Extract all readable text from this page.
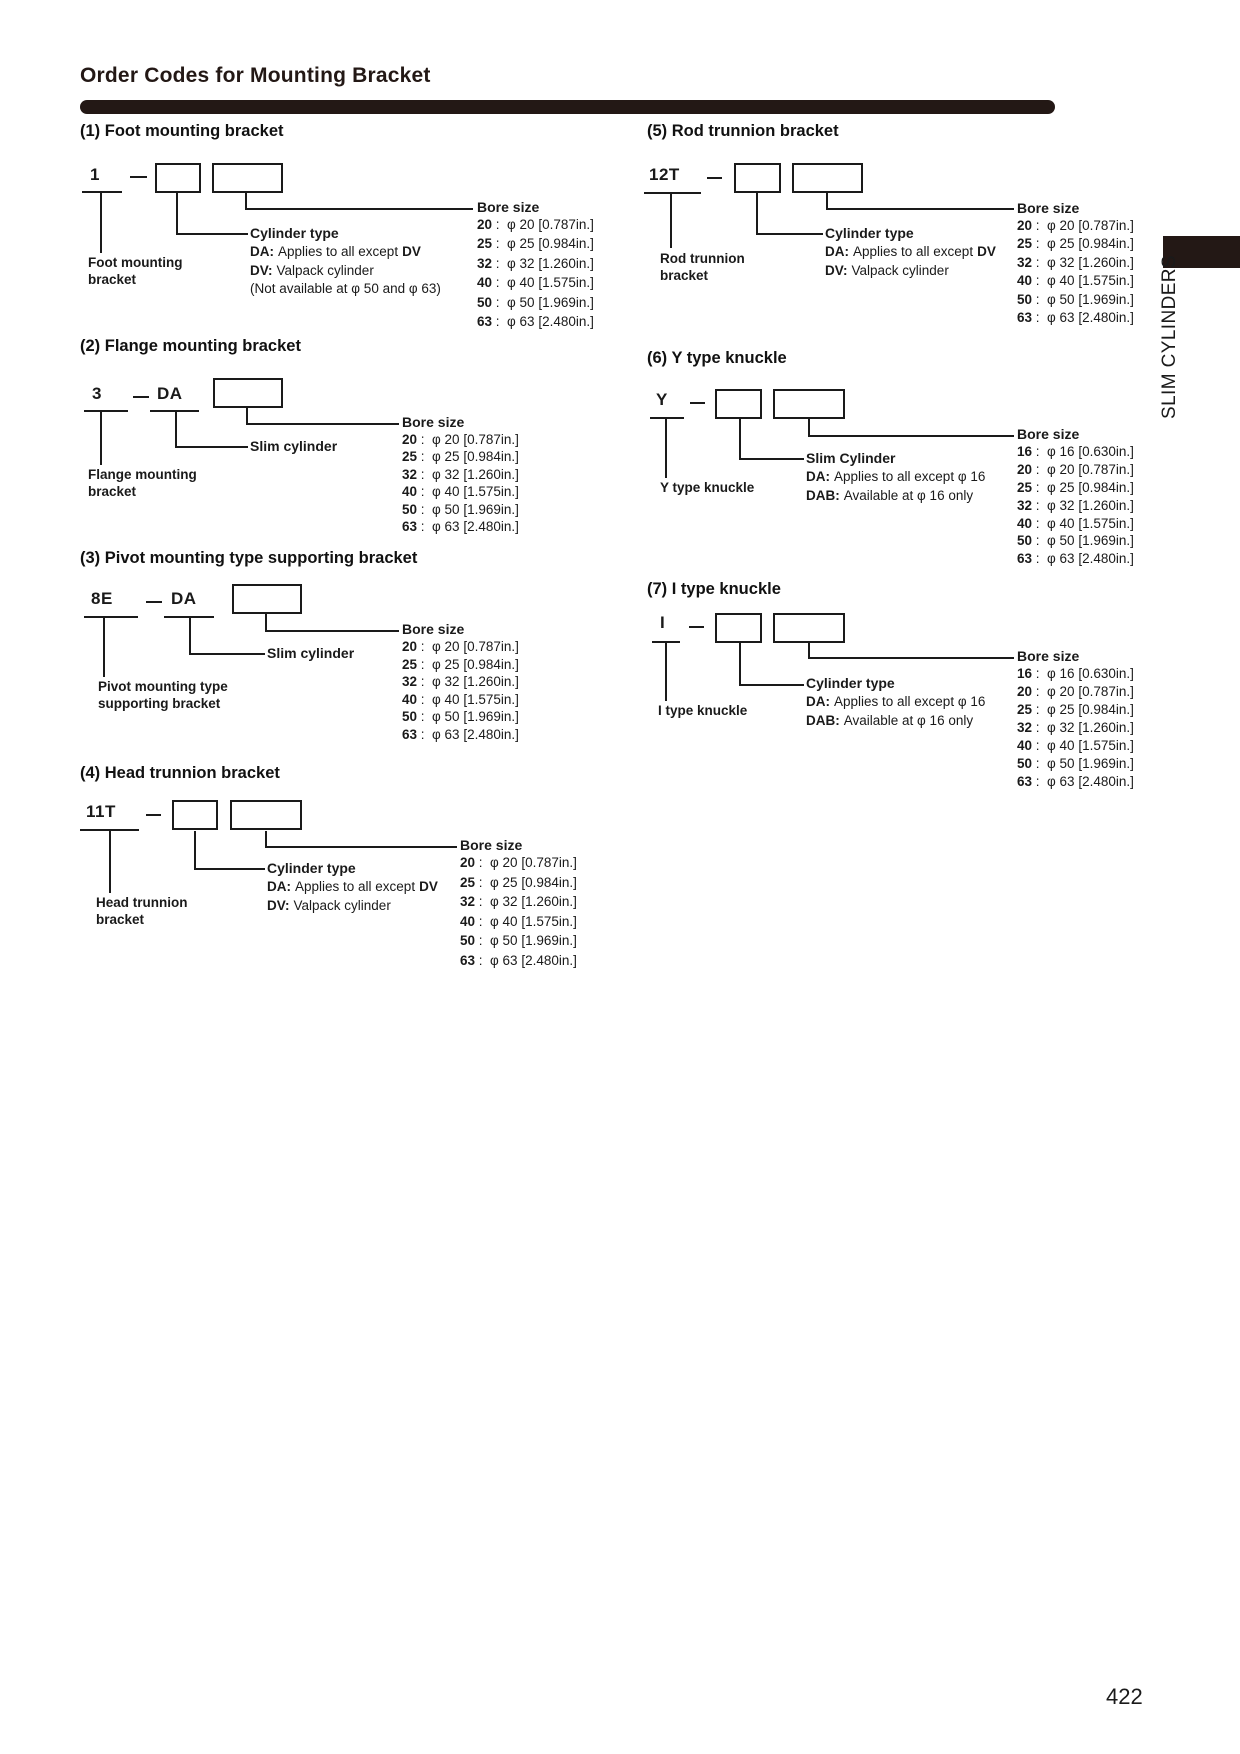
Order Codes for Mounting Bracket
SLIM CYLINDERS
422
(1) Foot mounting bracket
1
Foot mounting
bracket
Cylinder type
DA: Applies to all except DV
DV: Valpack cylinder
(Not available at φ 50 and φ 63)
Bore size
20 :	φ 20 [0.787in.]
25 :	φ 25 [0.984in.]
32 :	φ 32 [1.260in.]
40 :	φ 40 [1.575in.]
50 :	φ 50 [1.969in.]
63 :	φ 63 [2.480in.]
(2) Flange mounting bracket
3	DA
Flange mounting
bracket
Slim cylinder
Bore size
20 :	φ 20 [0.787in.]
25 :	φ 25 [0.984in.]
32 :	φ 32 [1.260in.]
40 :	φ 40 [1.575in.]
50 :	φ 50 [1.969in.]
63 :	φ 63 [2.480in.]
(3) Pivot mounting type supporting bracket
8E	DA
Pivot mounting type
supporting bracket
Slim cylinder
Bore size
20 :	φ 20 [0.787in.]
25 :	φ 25 [0.984in.]
32 :	φ 32 [1.260in.]
40 :	φ 40 [1.575in.]
50 :	φ 50 [1.969in.]
63 :	φ 63 [2.480in.]
(4) Head trunnion bracket
11T
Head trunnion
bracket
Cylinder type
DA: Applies to all except DV
DV: Valpack cylinder
Bore size
20 :	φ 20 [0.787in.]
25 :	φ 25 [0.984in.]
32 :	φ 32 [1.260in.]
40 :	φ 40 [1.575in.]
50 :	φ 50 [1.969in.]
63 :	φ 63 [2.480in.]
(5) Rod trunnion bracket
12T
Rod trunnion
bracket
Cylinder type
DA: Applies to all except DV
DV: Valpack cylinder
Bore size
20 :	φ 20 [0.787in.]
25 :	φ 25 [0.984in.]
32 :	φ 32 [1.260in.]
40 :	φ 40 [1.575in.]
50 :	φ 50 [1.969in.]
63 :	φ 63 [2.480in.]
(6) Y type knuckle
Y
Y type knuckle
Slim Cylinder
DA: Applies to all except φ 16
DAB: Available at φ 16 only
Bore size
16 :	φ 16 [0.630in.]
20 :	φ 20 [0.787in.]
25 :	φ 25 [0.984in.]
32 :	φ 32 [1.260in.]
40 :	φ 40 [1.575in.]
50 :	φ 50 [1.969in.]
63 :	φ 63 [2.480in.]
(7) I type knuckle
I
I type knuckle
Cylinder type
DA: Applies to all except φ 16
DAB: Available at φ 16 only
Bore size
16 :	φ 16 [0.630in.]
20 :	φ 20 [0.787in.]
25 :	φ 25 [0.984in.]
32 :	φ 32 [1.260in.]
40 :	φ 40 [1.575in.]
50 :	φ 50 [1.969in.]
63 :	φ 63 [2.480in.]
